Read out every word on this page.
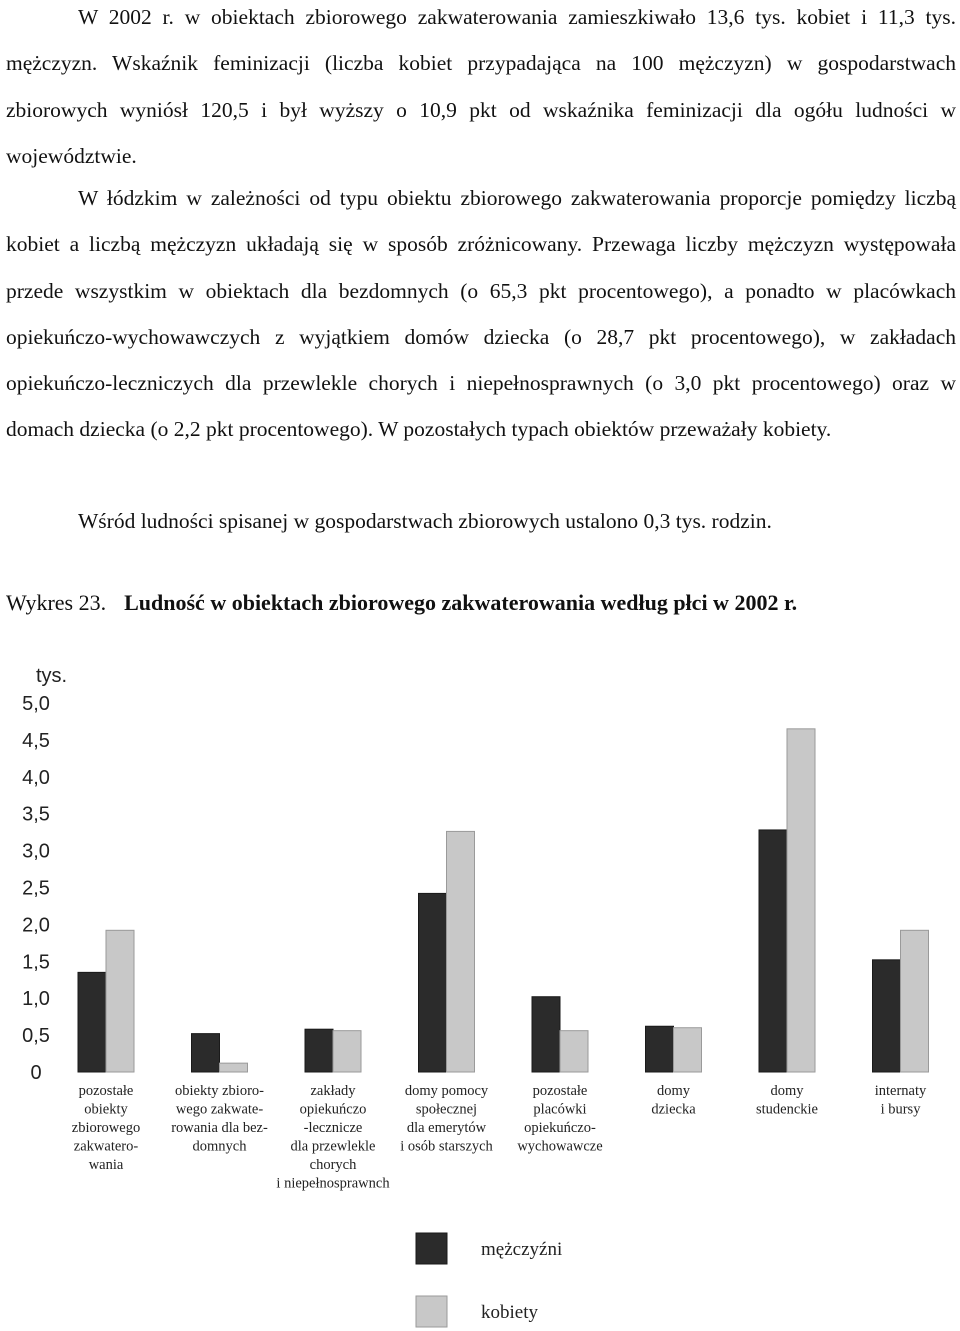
W 2002 r. w obiektach zbiorowego zakwaterowania zamieszkiwało 13,6 tys. kobiet i 11,3 tys. mężczyzn. Wskaźnik feminizacji (liczba kobiet przypadająca na 100 mężczyzn) w gospodarstwach zbiorowych wyniósł 120,5 i był wyższy o 10,9 pkt od wskaźnika feminizacji dla ogółu ludności w województwie.

W łódzkim w zależności od typu obiektu zbiorowego zakwaterowania proporcje pomiędzy liczbą kobiet a liczbą mężczyzn układają się w sposób zróżnicowany. Przewaga liczby mężczyzn występowała przede wszystkim w obiektach dla bezdomnych (o 65,3 pkt procentowego), a ponadto w placówkach opiekuńczo-wychowawczych z wyjątkiem domów dziecka (o 28,7 pkt procentowego), w zakładach opiekuńczo-leczniczych dla przewlekle chorych i niepełnosprawnych (o 3,0 pkt procentowego) oraz w domach dziecka (o 2,2 pkt procentowego). W pozostałych typach obiektów przeważały kobiety.

Wśród ludności spisanej w gospodarstwach zbiorowych ustalono 0,3 tys. rodzin.

Wykres 23. Ludność w obiektach zbiorowego zakwaterowania według płci w 2002 r.
tys.
0
0,5
1,0
1,5
2,0
2,5
3,0
3,5
4,0
4,5
5,0
pozostałe
obiekty
zbiorowego
zakwatero-
wania
obiekty zbioro-
wego zakwate-
rowania dla bez-
domnych
zakłady
opiekuńczo
-lecznicze
dla przewlekle
chorych
i niepełnosprawnch
domy pomocy
społecznej
dla emerytów
i osób starszych
pozostałe
placówki
opiekuńczo-
wychowawcze
domy
dziecka
domy
studenckie
internaty
i bursy
mężczyźni
kobiety
